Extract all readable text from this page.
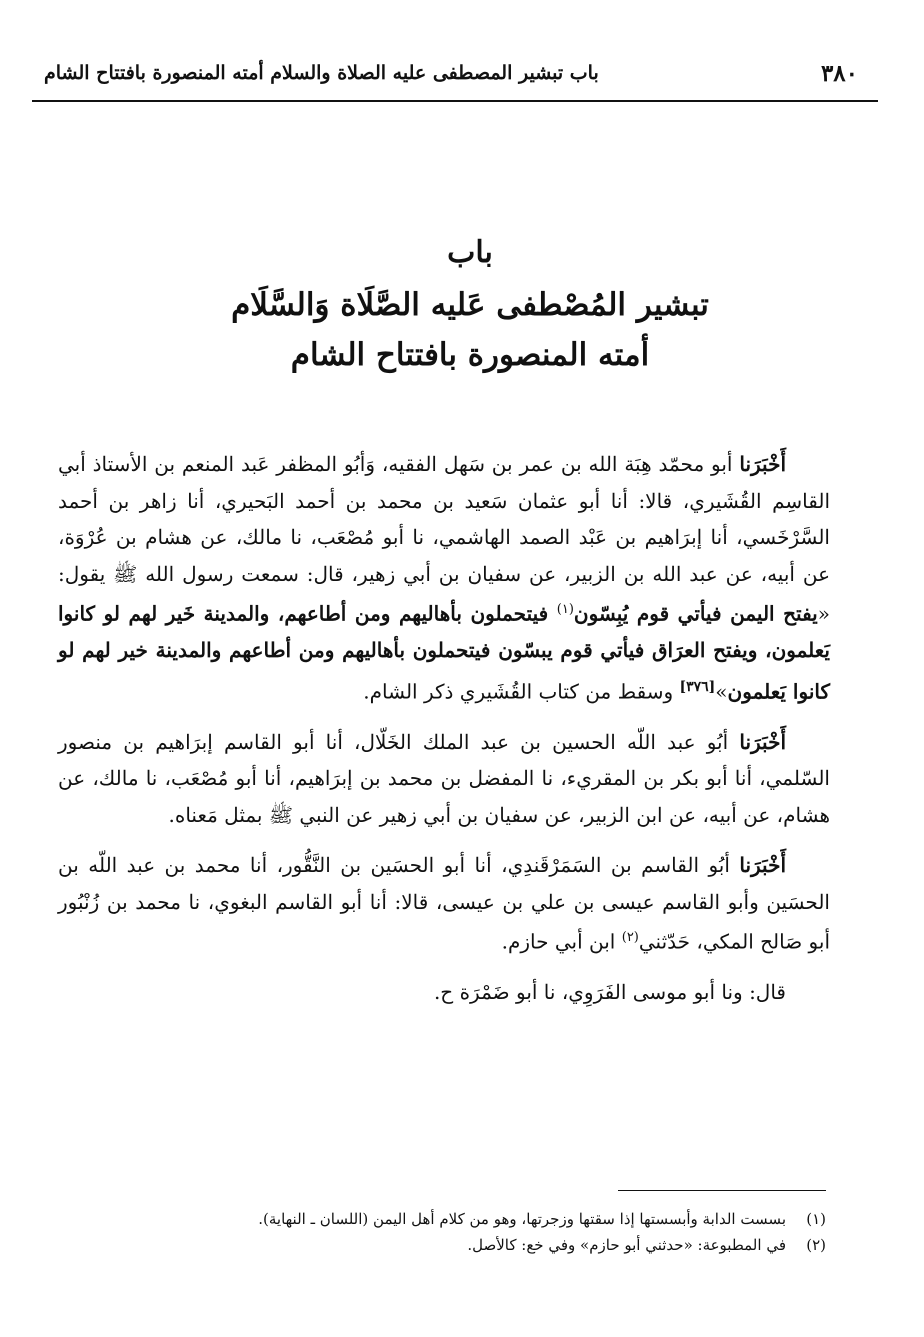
٣٨٠
باب تبشير المصطفى عليه الصلاة والسلام أمته المنصورة بافتتاح الشام
باب
تبشير المُصْطفى عَليه الصَّلَاة وَالسَّلَام
أمته المنصورة بافتتاح الشام

أَخْبَرَنا أبو محمّد هِبَة الله بن عمر بن سَهل الفقيه، وَأبُو المظفر عَبد المنعم بن الأستاذ أبي القاسِم القُشَيري، قالا: أنا أبو عثمان سَعيد بن محمد بن أحمد البَحيري، أنا زاهر بن أحمد السَّرْخَسي، أنا إبرَاهيم بن عَبْد الصمد الهاشمي، نا أبو مُصْعَب، نا مالك، عن هشام بن عُرْوَة، عن أبيه، عن عبد الله بن الزبير، عن سفيان بن أبي زهير، قال: سمعت رسول الله ﷺ يقول: «يفتح اليمن فيأتي قوم يُبِسّون$^{(١)}$ فيتحملون بأهاليهم ومن أطاعهم، والمدينة خَير لهم لو كانوا يَعلمون، ويفتح العرَاق فيأتي قوم يبسّون فيتحملون بأهاليهم ومن أطاعهم والمدينة خير لهم لو كانوا يَعلمون»[٣٧٦] وسقط من كتاب القُشَيري ذكر الشام.

أَخْبَرَنا أبُو عبد اللّه الحسين بن عبد الملك الخَلّال، أنا أبو القاسم إبرَاهيم بن منصور السّلمي، أنا أبو بكر بن المقريء، نا المفضل بن محمد بن إبرَاهيم، أنا أبو مُصْعَب، نا مالك، عن هشام، عن أبيه، عن ابن الزبير، عن سفيان بن أبي زهير عن النبي ﷺ بمثل مَعناه.

أَخْبَرَنا أبُو القاسم بن السَمَرْقَندِي، أنا أبو الحسَين بن النَّقُّور، أنا محمد بن عبد اللّه بن الحسَين وأبو القاسم عيسى بن علي بن عيسى، قالا: أنا أبو القاسم البغوي، نا محمد بن زُنْبُور أبو صَالح المكي، حَدّثني$^{(٢)}$ ابن أبي حازم.

قال: ونا أبو موسى الفَرَوِي، نا أبو ضَمْرَة ح.

(١)بسست الدابة وأبسستها إذا سقتها وزجرتها، وهو من كلام أهل اليمن (اللسان ـ النهاية).
(٢)في المطبوعة: «حدثني أبو حازم» وفي خع: كالأصل.
